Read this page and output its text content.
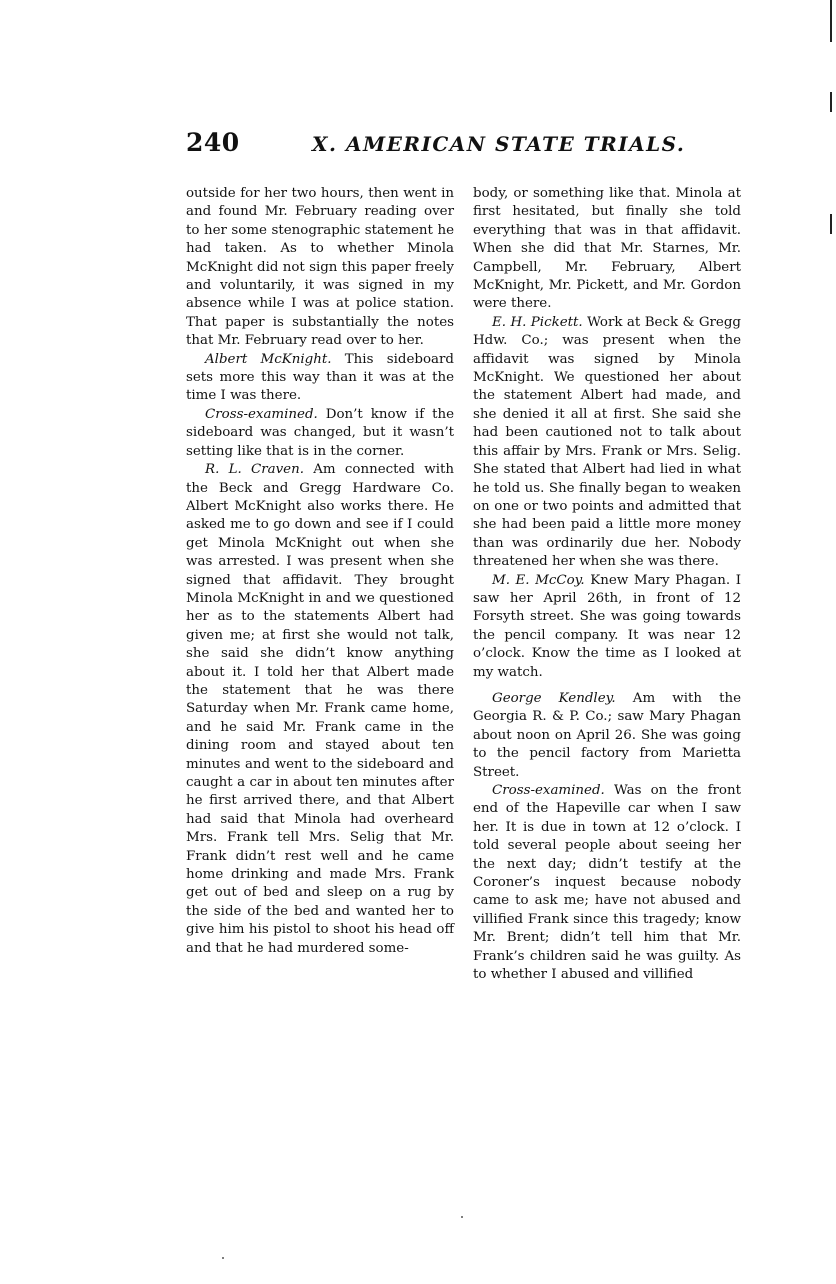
240	X. AMERICAN STATE TRIALS.

outside for her two hours, then went in and found Mr. February reading over to her some stenographic statement he had taken. As to whether Minola McKnight did not sign this paper freely and voluntarily, it was signed in my absence while I was at police station. That paper is substantially the notes that Mr. February read over to her.

Albert McKnight. This sideboard sets more this way than it was at the time I was there.

Cross-examined. Don’t know if the sideboard was changed, but it wasn’t setting like that is in the corner.

R. L. Craven. Am connected with the Beck and Gregg Hardware Co. Albert McKnight also works there. He asked me to go down and see if I could get Minola McKnight out when she was arrested. I was present when she signed that affidavit. They brought Minola McKnight in and we questioned her as to the statements Albert had given me; at first she would not talk, she said she didn’t know anything about it. I told her that Albert made the statement that he was there Saturday when Mr. Frank came home, and he said Mr. Frank came in the dining room and stayed about ten minutes and went to the sideboard and caught a car in about ten minutes after he first arrived there, and that Albert had said that Minola had overheard Mrs. Frank tell Mrs. Selig that Mr. Frank didn’t rest well and he came home drinking and made Mrs. Frank get out of bed and sleep on a rug by the side of the bed and wanted her to give him his pistol to shoot his head off and that he had murdered some-

body, or something like that. Minola at first hesitated, but finally she told everything that was in that affidavit. When she did that Mr. Starnes, Mr. Campbell, Mr. February, Albert McKnight, Mr. Pickett, and Mr. Gordon were there.

E. H. Pickett. Work at Beck & Gregg Hdw. Co.; was present when the affidavit was signed by Minola McKnight. We questioned her about the statement Albert had made, and she denied it all at first. She said she had been cautioned not to talk about this affair by Mrs. Frank or Mrs. Selig. She stated that Albert had lied in what he told us. She finally began to weaken on one or two points and admitted that she had been paid a little more money than was ordinarily due her. Nobody threatened her when she was there.

M. E. McCoy. Knew Mary Phagan. I saw her April 26th, in front of 12 Forsyth street. She was going towards the pencil company. It was near 12 o’clock. Know the time as I looked at my watch.

George Kendley. Am with the Georgia R. & P. Co.; saw Mary Phagan about noon on April 26. She was going to the pencil factory from Marietta Street.

Cross-examined. Was on the front end of the Hapeville car when I saw her. It is due in town at 12 o’clock. I told several people about seeing her the next day; didn’t testify at the Coroner’s inquest because nobody came to ask me; have not abused and villified Frank since this tragedy; know Mr. Brent; didn’t tell him that Mr. Frank’s children said he was guilty. As to whether I abused and villified
